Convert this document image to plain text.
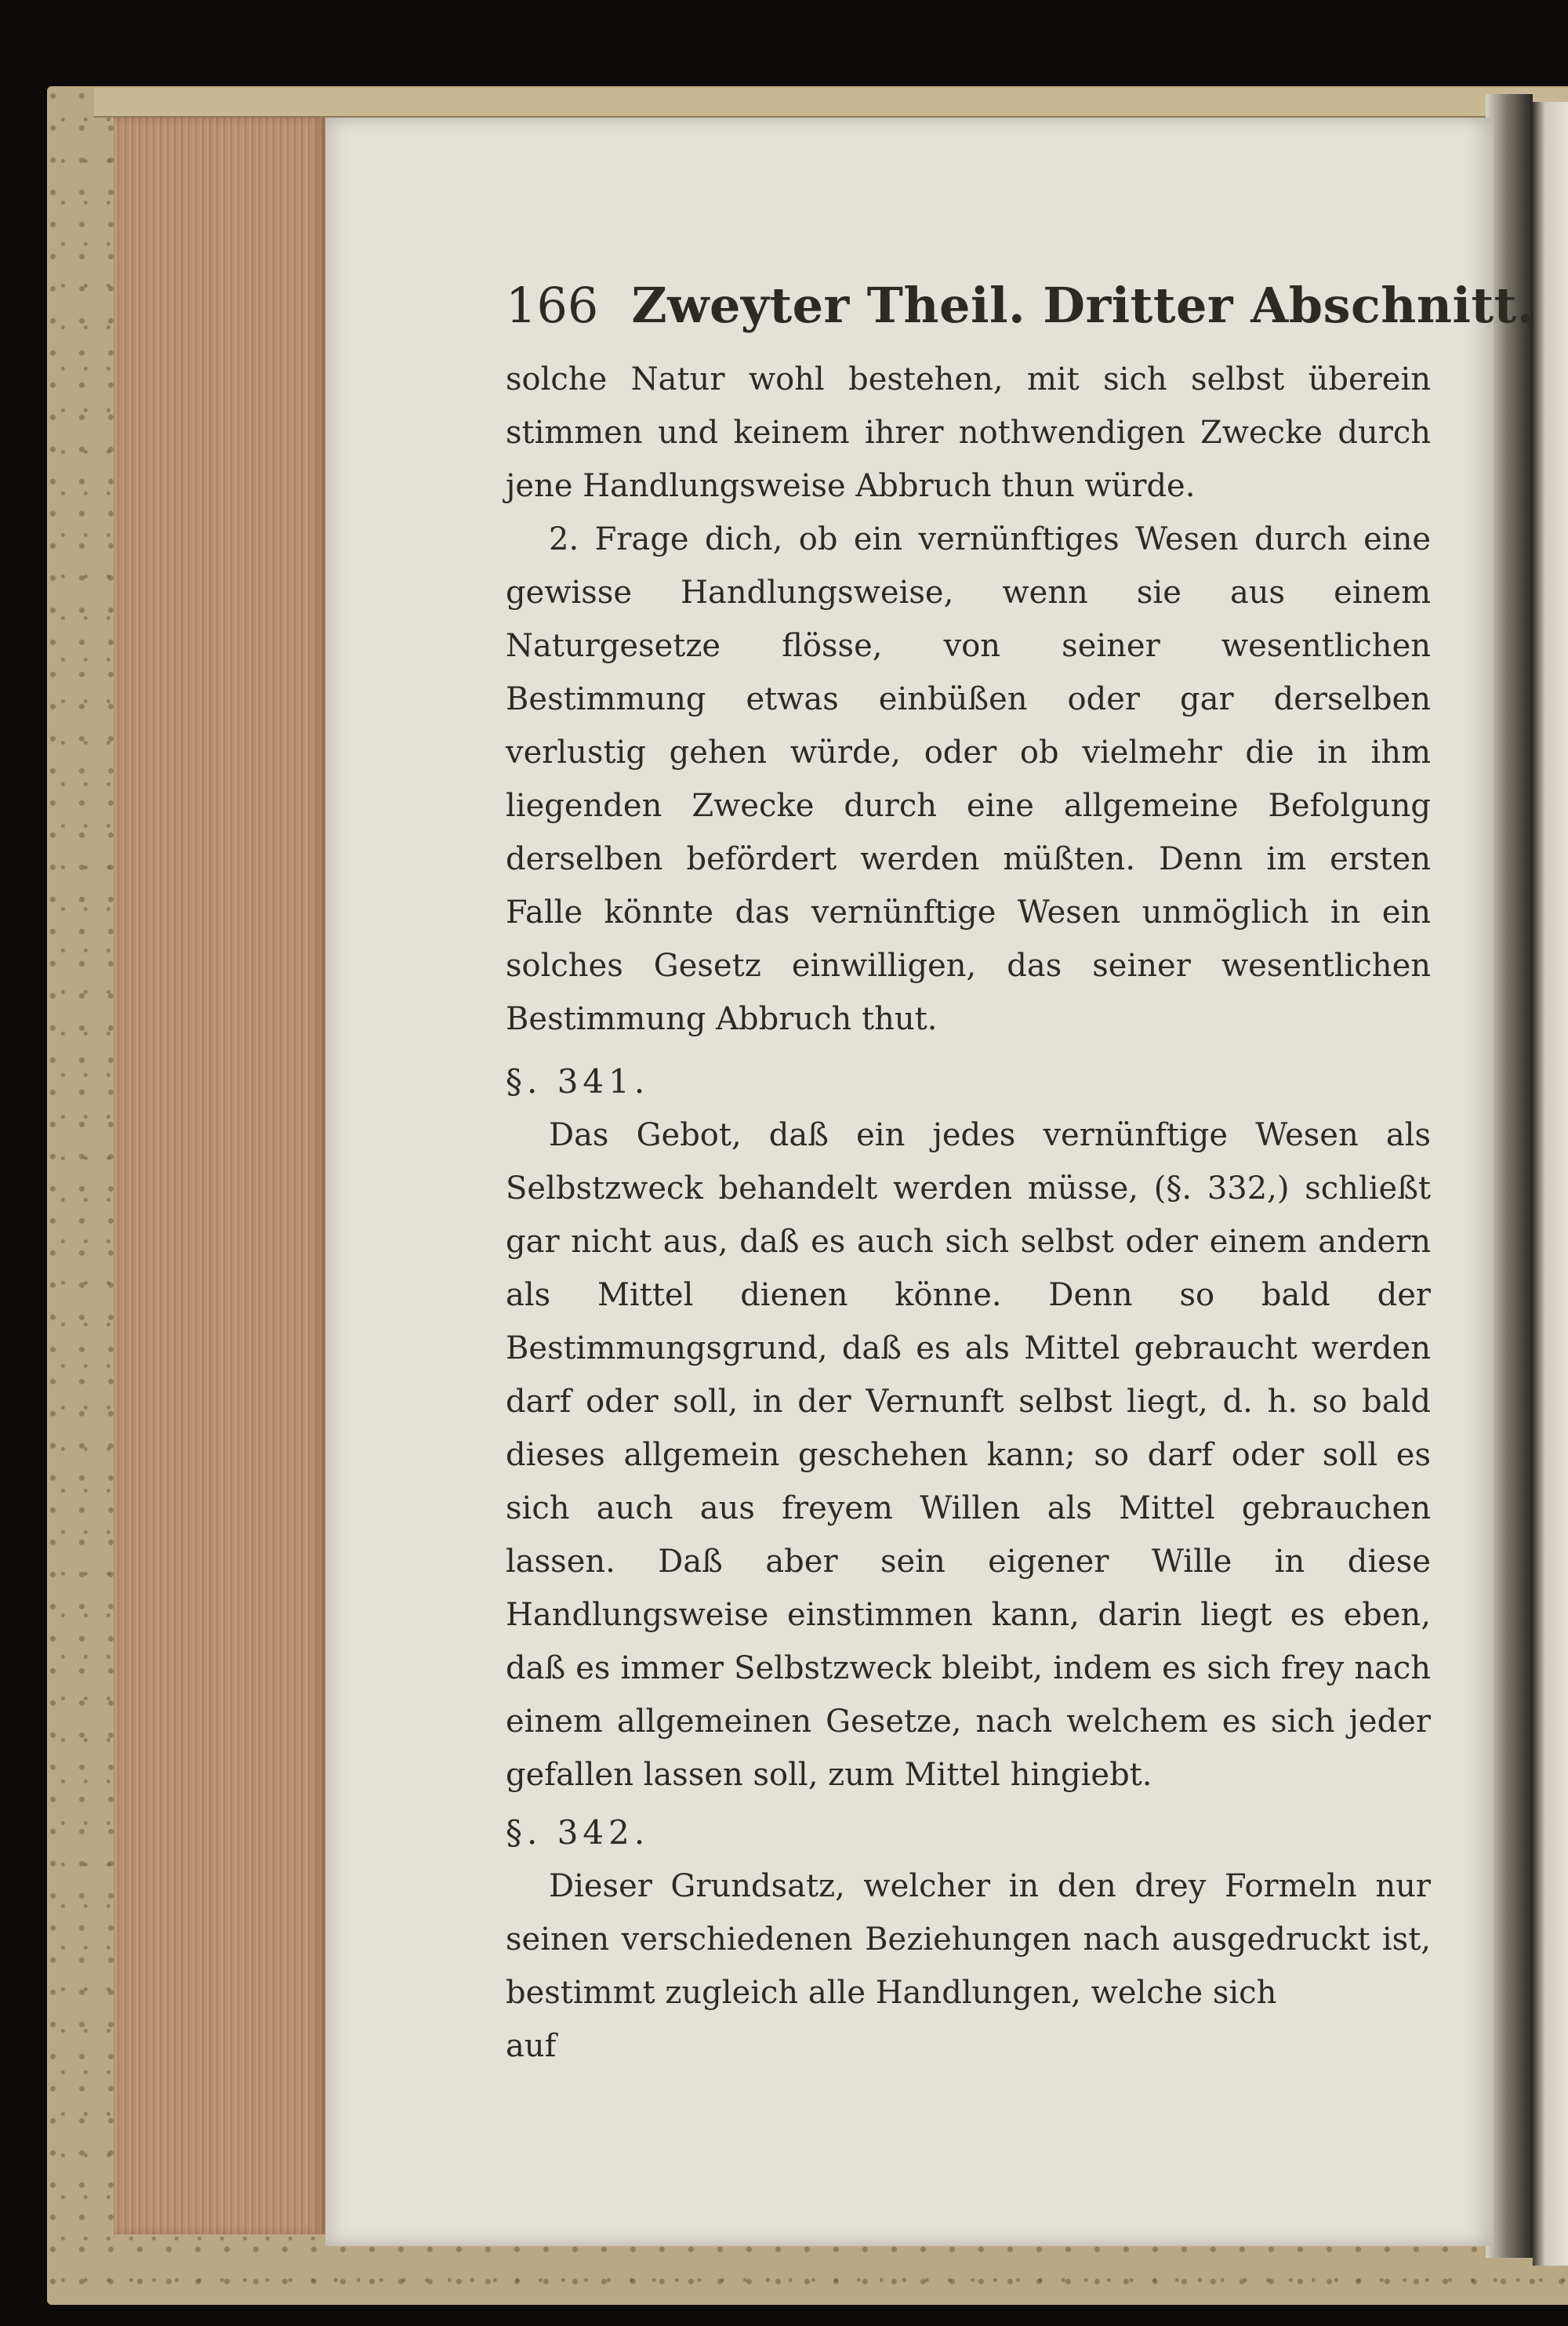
166 Zweyter Theil. Dritter Abschnitt.

solche Natur wohl bestehen, mit sich selbst überein stimmen und keinem ihrer nothwendigen Zwecke durch jene Handlungsweise Abbruch thun würde.

2. Frage dich, ob ein vernünftiges Wesen durch eine gewisse Handlungsweise, wenn sie aus einem Naturgesetze flösse, von seiner wesentlichen Bestimmung etwas einbüßen oder gar derselben verlustig gehen würde, oder ob vielmehr die in ihm liegenden Zwecke durch eine allgemeine Befolgung derselben befördert werden müßten. Denn im ersten Falle könnte das vernünftige Wesen unmöglich in ein solches Gesetz einwilligen, das seiner wesentlichen Bestimmung Abbruch thut.

§. 341.

Das Gebot, daß ein jedes vernünftige Wesen als Selbstzweck behandelt werden müsse, (§. 332,) schließt gar nicht aus, daß es auch sich selbst oder einem andern als Mittel dienen könne. Denn so bald der Bestimmungsgrund, daß es als Mittel gebraucht werden darf oder soll, in der Vernunft selbst liegt, d. h. so bald dieses allgemein geschehen kann; so darf oder soll es sich auch aus freyem Willen als Mittel gebrauchen lassen. Daß aber sein eigener Wille in diese Handlungsweise einstimmen kann, darin liegt es eben, daß es immer Selbstzweck bleibt, indem es sich frey nach einem allgemeinen Gesetze, nach welchem es sich jeder gefallen lassen soll, zum Mittel hingiebt.

§. 342.

Dieser Grundsatz, welcher in den drey Formeln nur seinen verschiedenen Beziehungen nach ausgedruckt ist, bestimmt zugleich alle Handlungen, welche sich

auf
